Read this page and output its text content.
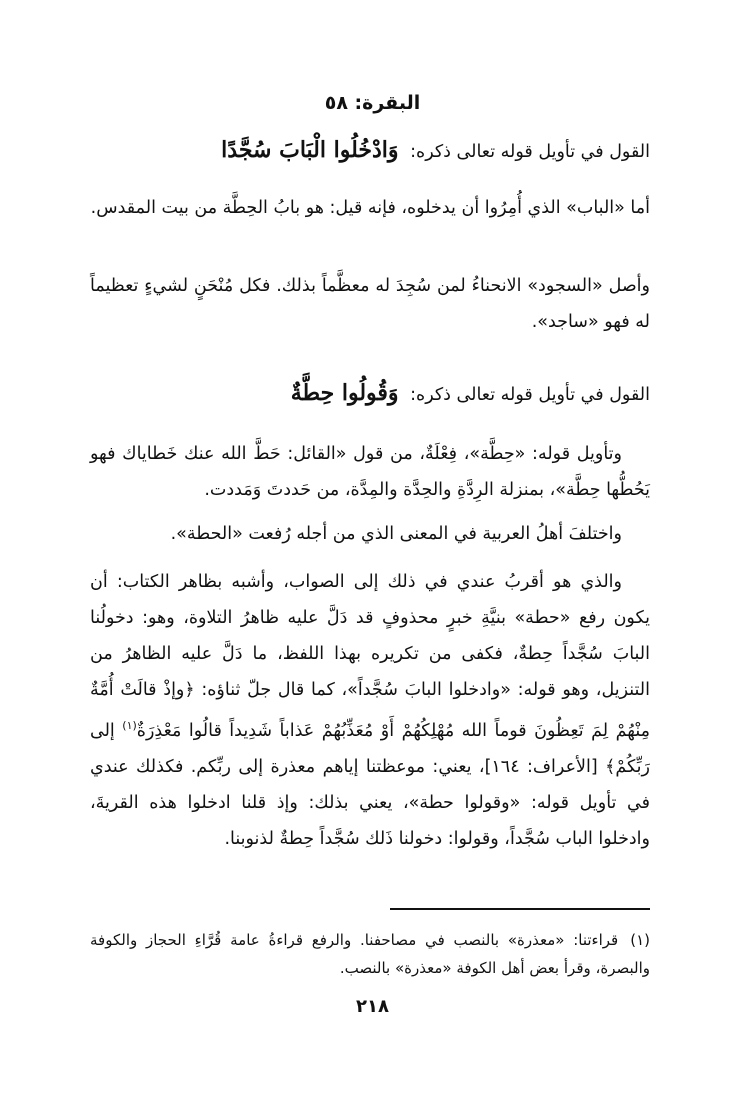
البقرة: ٥٨

القول في تأويل قوله تعالى ذكره: وَادْخُلُوا الْبَابَ سُجَّدًا

أما «الباب» الذي أُمِرُوا أن يدخلوه، فإنه قيل: هو بابُ الحِطَّة من بيت المقدس.

وأصل «السجود» الانحناءُ لمن سُجِدَ له معظَّماً بذلك. فكل مُنْحَنٍ لشيءٍ تعظيماً له فهو «ساجد».

القول في تأويل قوله تعالى ذكره: وَقُولُوا حِطَّةٌ

وتأويل قوله: «حِطَّة»، فِعْلَةٌ، من قول «القائل: حَطَّ الله عنك خَطاياك فهو يَحُطُّها حِطَّة»، بمنزلة الرِدَّةِ والحِدَّة والمِدَّة، من حَددتَ وَمَددت.

واختلفَ أهلُ العربية في المعنى الذي من أجله رُفعت «الحطة».

والذي هو أقربُ عندي في ذلك إلى الصواب، وأشبه بظاهر الكتاب: أن يكون رفع «حطة» بنيَّةِ خبرٍ محذوفٍ قد دَلَّ عليه ظاهرُ التلاوة، وهو: دخولُنا البابَ سُجَّداً حِطةٌ، فكفى من تكريره بهذا اللفظ، ما دَلَّ عليه الظاهرُ من التنزيل، وهو قوله: «وادخلوا البابَ سُجَّداً»، كما قال جلّ ثناؤه: ﴿وإذْ قالَتْ أُمَّةٌ مِنْهُمْ لِمَ تَعِظُونَ قوماً الله مُهْلِكُهُمْ أَوْ مُعَذِّبُهُمْ عَذاباً شَدِيداً قالُوا مَعْذِرَةٌ$^{(١)}$ إلى رَبِّكُمْ﴾ [الأعراف: ١٦٤]، يعني: موعظتنا إياهم معذرة إلى ربِّكم. فكذلك عندي في تأويل قوله: «وقولوا حطة»، يعني بذلك: وإذ قلنا ادخلوا هذه القريةَ، وادخلوا الباب سُجَّداً، وقولوا: دخولنا ذَلك سُجَّداً حِطةٌ لذنوبنا.

(١)قراءتنا: «معذرة» بالنصب في مصاحفنا. والرفع قراءةُ عامة قُرَّاءِ الحجاز والكوفة والبصرة، وقرأ بعض أهل الكوفة «معذرة» بالنصب.
٢١٨
